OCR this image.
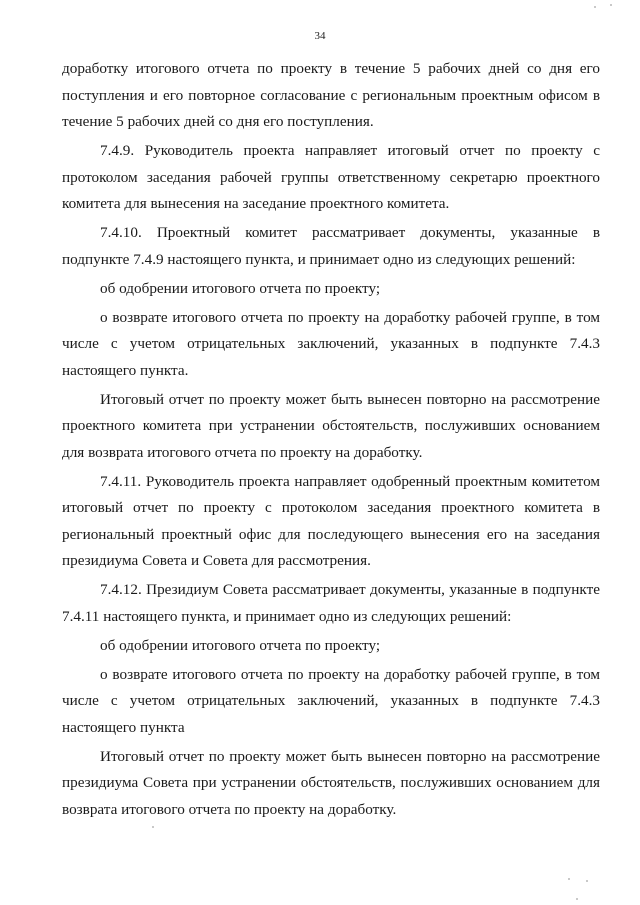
34

доработку итогового отчета по проекту в течение 5 рабочих дней со дня его поступления и его повторное согласование с региональным проектным офисом в течение 5 рабочих дней со дня его поступления.

7.4.9. Руководитель проекта направляет итоговый отчет по проекту с протоколом заседания рабочей группы ответственному секретарю проектного комитета для вынесения на заседание проектного комитета.

7.4.10. Проектный комитет рассматривает документы, указанные в подпункте 7.4.9 настоящего пункта, и принимает одно из следующих решений:

об одобрении итогового отчета по проекту;

о возврате итогового отчета по проекту на доработку рабочей группе, в том числе с учетом отрицательных заключений, указанных в подпункте 7.4.3 настоящего пункта.

Итоговый отчет по проекту может быть вынесен повторно на рассмотрение проектного комитета при устранении обстоятельств, послуживших основанием для возврата итогового отчета по проекту на доработку.

7.4.11. Руководитель проекта направляет одобренный проектным комитетом итоговый отчет по проекту с протоколом заседания проектного комитета в региональный проектный офис для последующего вынесения его на заседания президиума Совета и Совета для рассмотрения.

7.4.12. Президиум Совета рассматривает документы, указанные в подпункте 7.4.11 настоящего пункта, и принимает одно из следующих решений:

об одобрении итогового отчета по проекту;

о возврате итогового отчета по проекту на доработку рабочей группе, в том числе с учетом отрицательных заключений, указанных в подпункте 7.4.3 настоящего пункта

Итоговый отчет по проекту может быть вынесен повторно на рассмотрение президиума Совета при устранении обстоятельств, послуживших основанием для возврата итогового отчета по проекту на доработку.
